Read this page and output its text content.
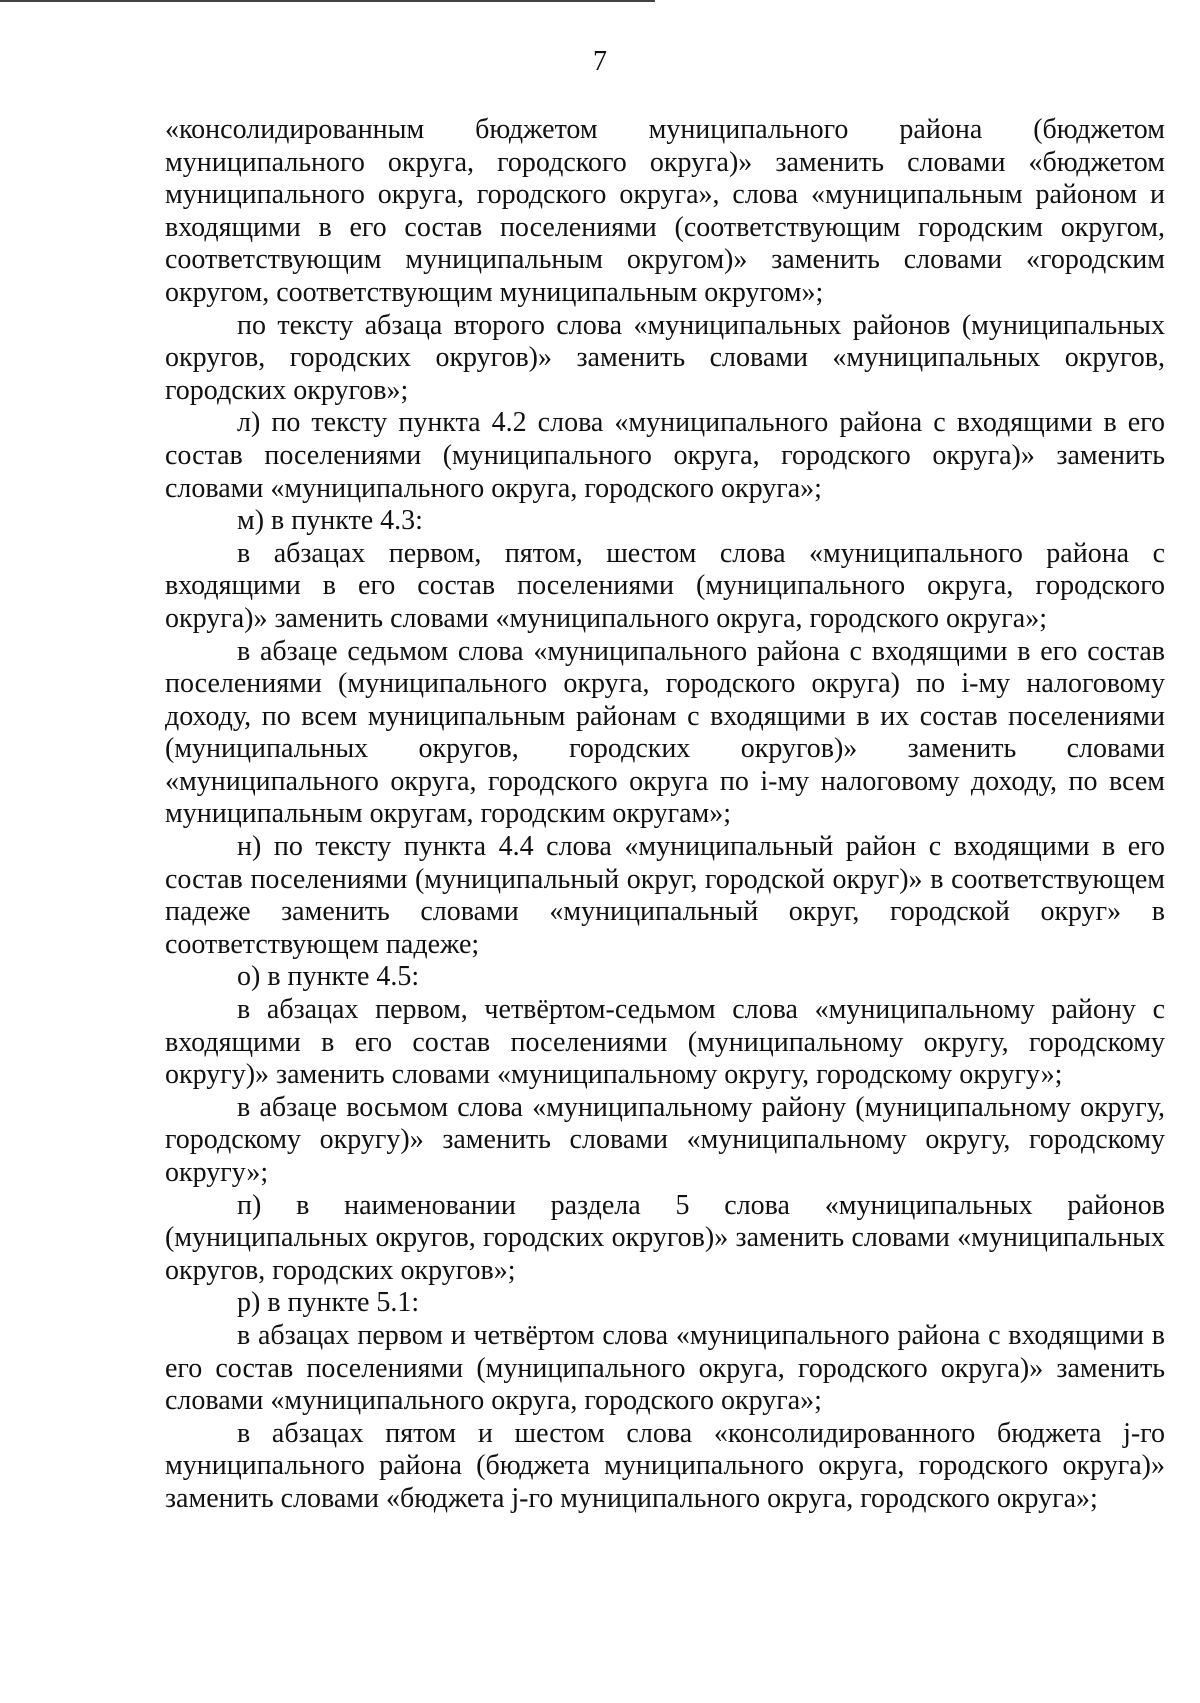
7

«консолидированным бюджетом муниципального района (бюджетом муниципального округа, городского округа)» заменить словами «бюджетом муниципального округа, городского округа», слова «муниципальным районом и входящими в его состав поселениями (соответствующим городским округом, соответствующим муниципальным округом)» заменить словами «городским округом, соответствующим муниципальным округом»;

по тексту абзаца второго слова «муниципальных районов (муниципальных округов, городских округов)» заменить словами «муниципальных округов, городских округов»;

л) по тексту пункта 4.2 слова «муниципального района с входящими в его состав поселениями (муниципального округа, городского округа)» заменить словами «муниципального округа, городского округа»;

м) в пункте 4.3:

в абзацах первом, пятом, шестом слова «муниципального района с входящими в его состав поселениями (муниципального округа, городского округа)» заменить словами «муниципального округа, городского округа»;

в абзаце седьмом слова «муниципального района с входящими в его состав поселениями (муниципального округа, городского округа) по i-му налоговому доходу, по всем муниципальным районам с входящими в их состав поселениями (муниципальных округов, городских округов)» заменить словами «муниципального округа, городского округа по i-му налоговому доходу, по всем муниципальным округам, городским округам»;

н) по тексту пункта 4.4 слова «муниципальный район с входящими в его состав поселениями (муниципальный округ, городской округ)» в соответствующем падеже заменить словами «муниципальный округ, городской округ» в соответствующем падеже;

о) в пункте 4.5:

в абзацах первом, четвёртом-седьмом слова «муниципальному району с входящими в его состав поселениями (муниципальному округу, городскому округу)» заменить словами «муниципальному округу, городскому округу»;

в абзаце восьмом слова «муниципальному району (муниципальному округу, городскому округу)» заменить словами «муниципальному округу, городскому округу»;

п) в наименовании раздела 5 слова «муниципальных районов (муниципальных округов, городских округов)» заменить словами «муниципальных округов, городских округов»;

р) в пункте 5.1:

в абзацах первом и четвёртом слова «муниципального района с входящими в его состав поселениями (муниципального округа, городского округа)» заменить словами «муниципального округа, городского округа»;

в абзацах пятом и шестом слова «консолидированного бюджета j-го муниципального района (бюджета муниципального округа, городского округа)» заменить словами «бюджета j-го муниципального округа, городского округа»;
